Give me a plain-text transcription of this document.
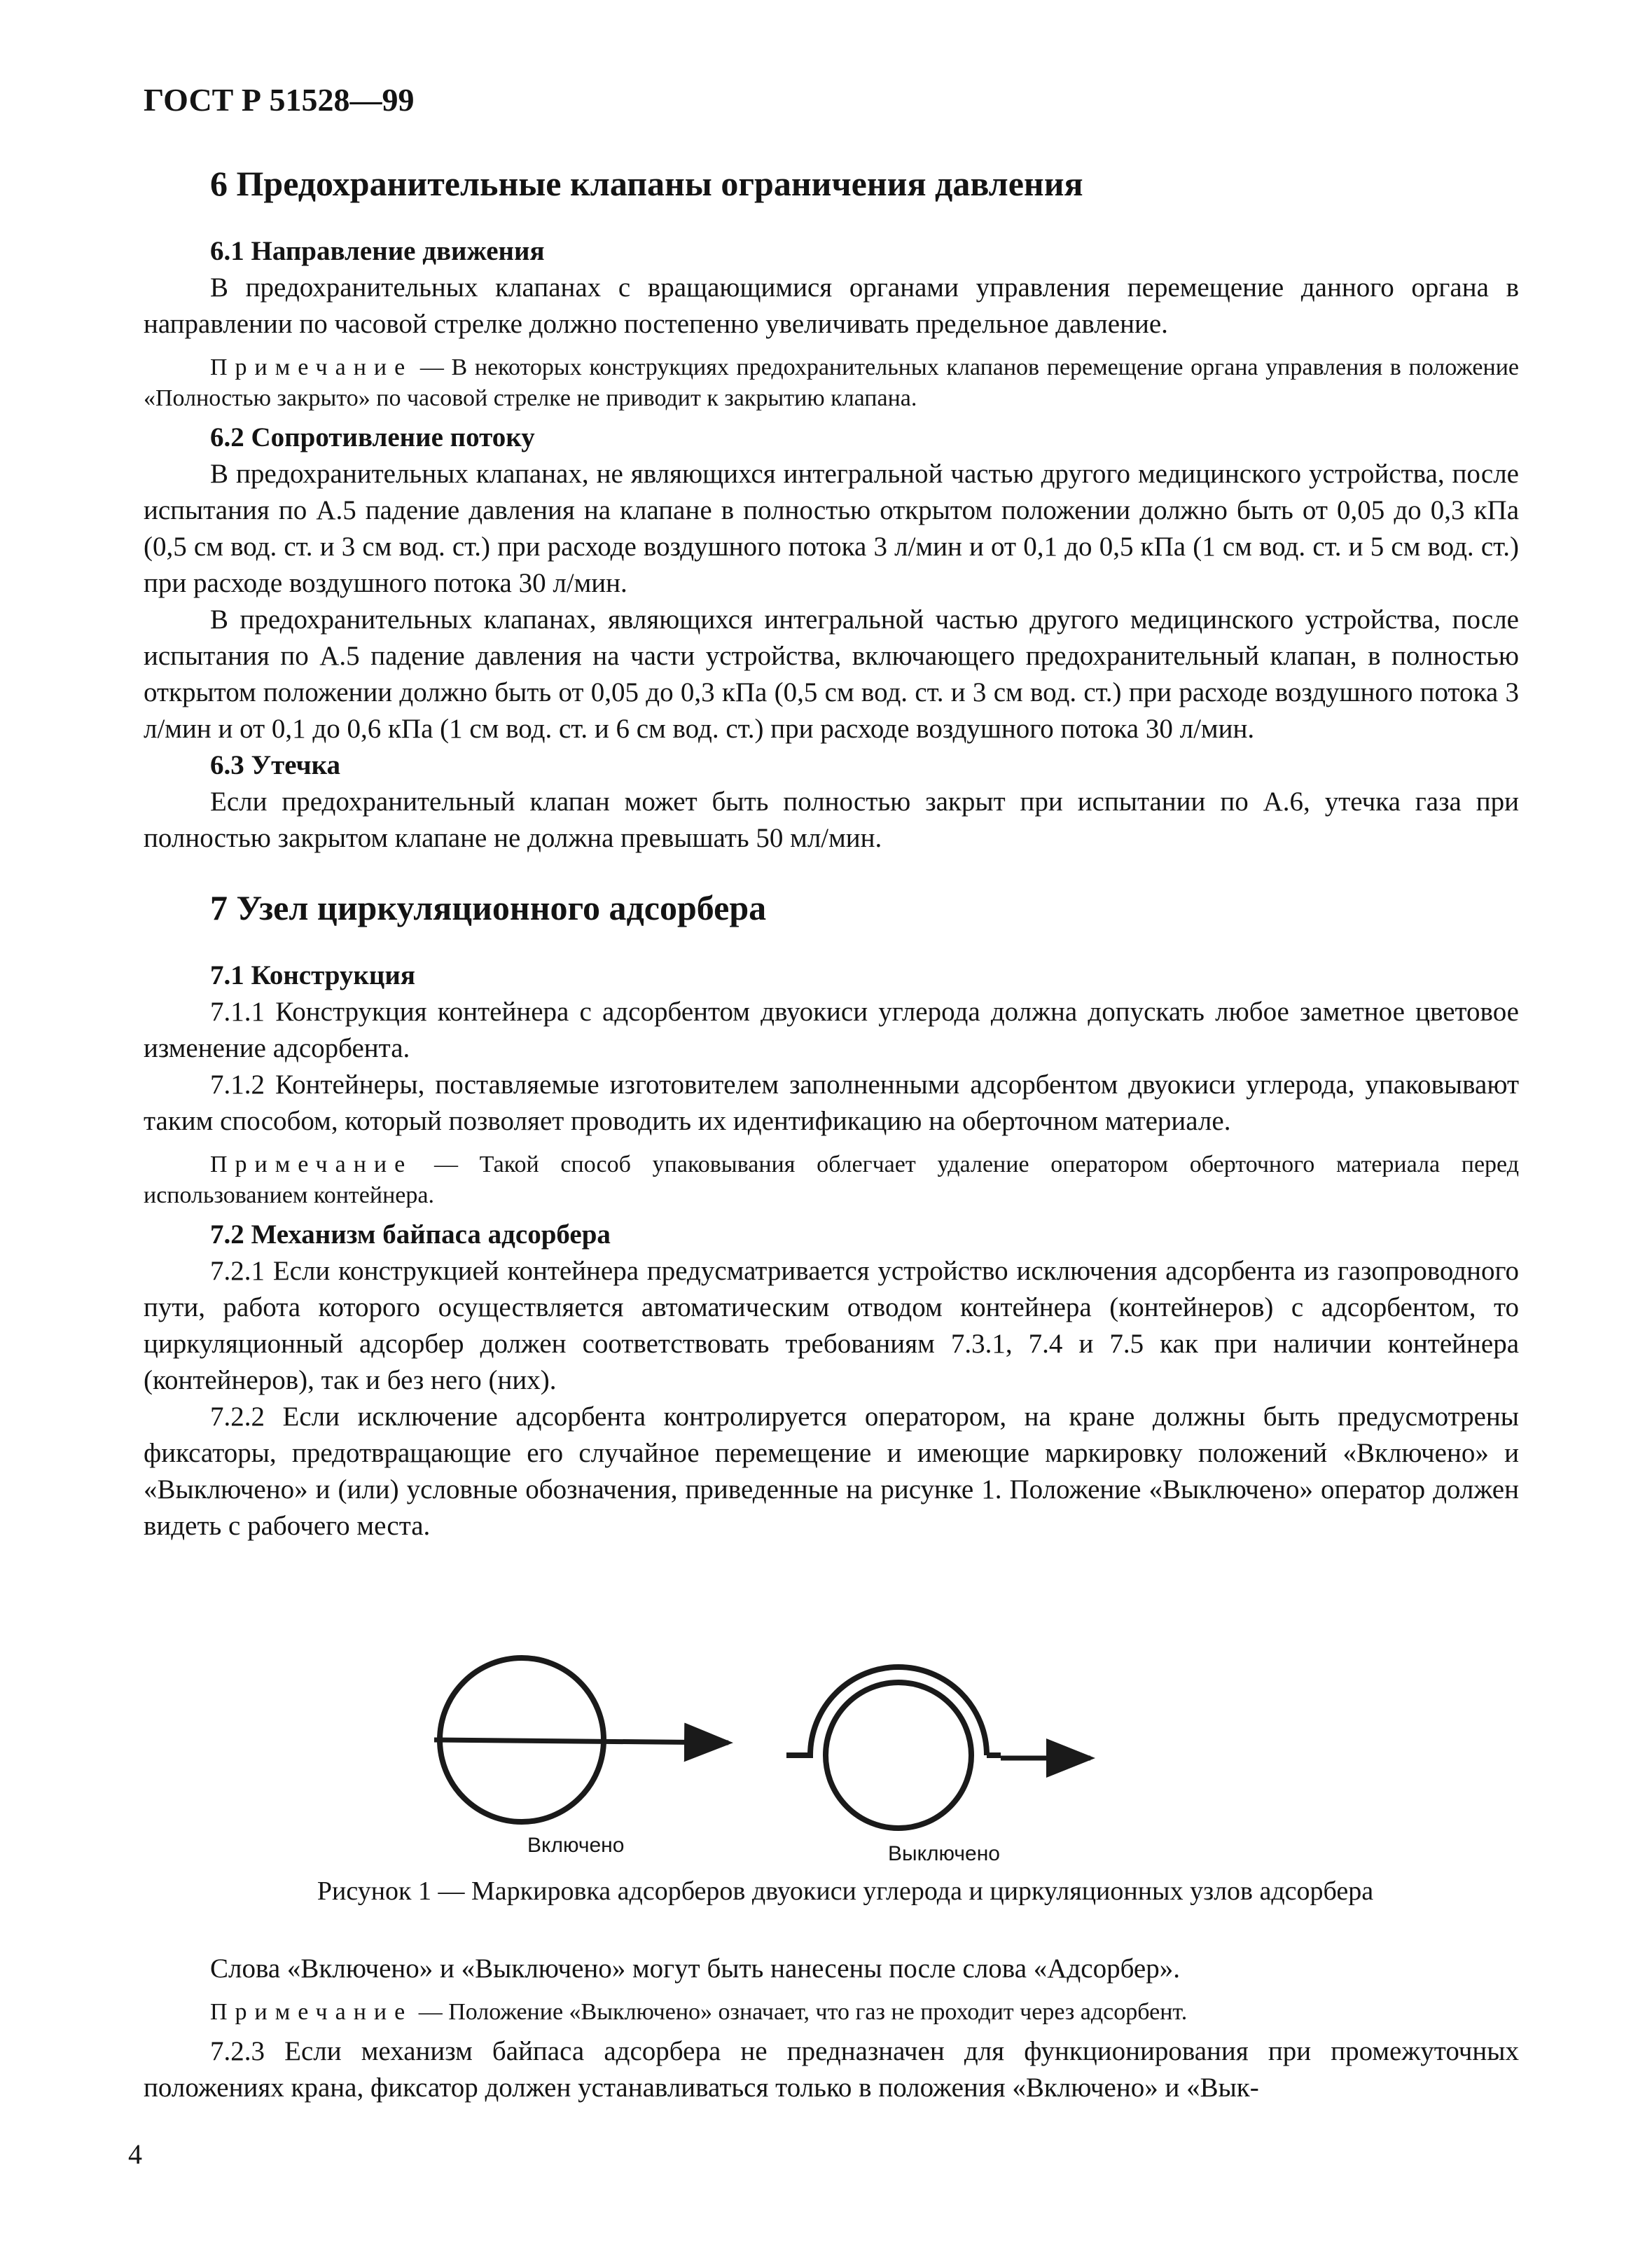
ГОСТ Р 51528—99
6 Предохранительные клапаны ограничения давления
6.1 Направление движения

В предохранительных клапанах с вращающимися органами управления перемещение данного органа в направлении по часовой стрелке должно постепенно увеличивать предельное давление.

Примечание — В некоторых конструкциях предохранительных клапанов перемещение органа управления в положение «Полностью закрыто» по часовой стрелке не приводит к закрытию клапана.

6.2 Сопротивление потоку

В предохранительных клапанах, не являющихся интегральной частью другого медицинского устройства, после испытания по А.5 падение давления на клапане в полностью открытом положении должно быть от 0,05 до 0,3 кПа (0,5 см вод. ст. и 3 см вод. ст.) при расходе воздушного потока 3 л/мин и от 0,1 до 0,5 кПа (1 см вод. ст. и 5 см вод. ст.) при расходе воздушного потока 30 л/мин.

В предохранительных клапанах, являющихся интегральной частью другого медицинского устройства, после испытания по А.5 падение давления на части устройства, включающего предохранительный клапан, в полностью открытом положении должно быть от 0,05 до 0,3 кПа (0,5 см вод. ст. и 3 см вод. ст.) при расходе воздушного потока 3 л/мин и от 0,1 до 0,6 кПа (1 см вод. ст. и 6 см вод. ст.) при расходе воздушного потока 30 л/мин.

6.3 Утечка

Если предохранительный клапан может быть полностью закрыт при испытании по А.6, утечка газа при полностью закрытом клапане не должна превышать 50 мл/мин.

7 Узел циркуляционного адсорбера
7.1 Конструкция

7.1.1 Конструкция контейнера с адсорбентом двуокиси углерода должна допускать любое заметное цветовое изменение адсорбента.

7.1.2 Контейнеры, поставляемые изготовителем заполненными адсорбентом двуокиси углерода, упаковывают таким способом, который позволяет проводить их идентификацию на оберточном материале.

Примечание — Такой способ упаковывания облегчает удаление оператором оберточного материала перед использованием контейнера.

7.2 Механизм байпаса адсорбера

7.2.1 Если конструкцией контейнера предусматривается устройство исключения адсорбента из газопроводного пути, работа которого осуществляется автоматическим отводом контейнера (контейнеров) с адсорбентом, то циркуляционный адсорбер должен соответствовать требованиям 7.3.1, 7.4 и 7.5 как при наличии контейнера (контейнеров), так и без него (них).

7.2.2 Если исключение адсорбента контролируется оператором, на кране должны быть предусмотрены фиксаторы, предотвращающие его случайное перемещение и имеющие маркировку положений «Включено» и «Выключено» и (или) условные обозначения, приведенные на рисунке 1. Положение «Выключено» оператор должен видеть с рабочего места.

Включено	Выключено

Рисунок 1 — Маркировка адсорберов двуокиси углерода и циркуляционных узлов адсорбера

Слова «Включено» и «Выключено» могут быть нанесены после слова «Адсорбер».

Примечание — Положение «Выключено» означает, что газ не проходит через адсорбент.

7.2.3 Если механизм байпаса адсорбера не предназначен для функционирования при промежуточных положениях крана, фиксатор должен устанавливаться только в положения «Включено» и «Вык-

4
